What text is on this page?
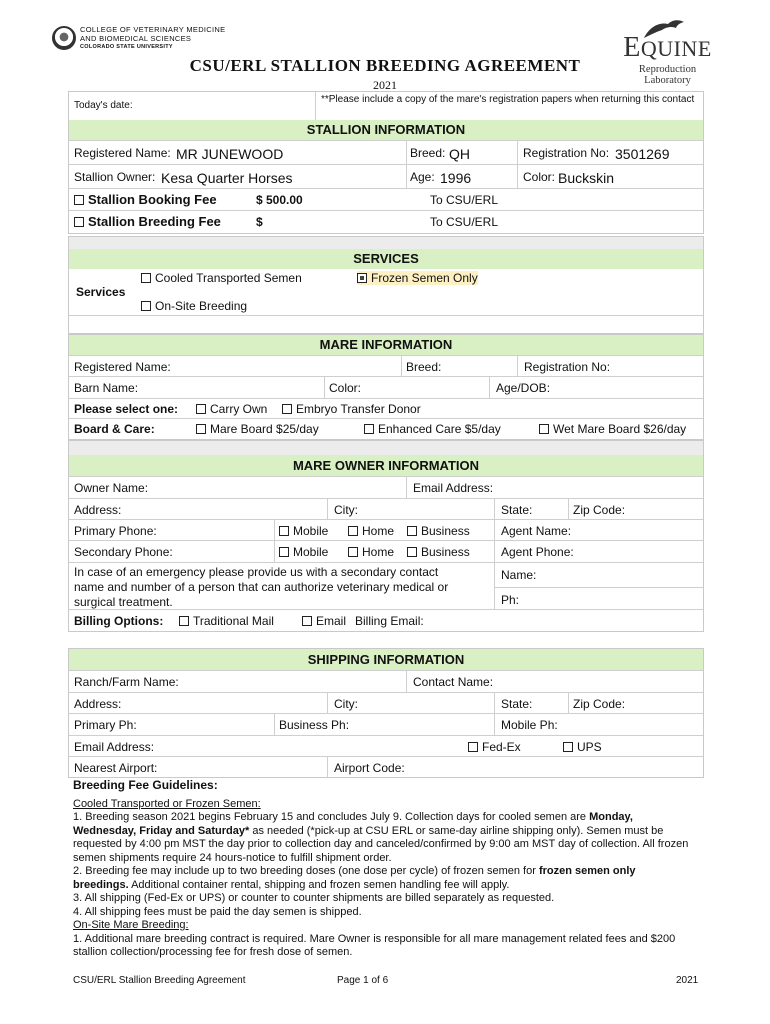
COLLEGE OF VETERINARY MEDICINE
AND BIOMEDICAL SCIENCES
COLORADO STATE UNIVERSITY	EQUINE
Reproduction
Laboratory
CSU/ERL STALLION BREEDING AGREEMENT
2021
Today's date:
**Please include a copy of the mare's registration papers when returning this contact
STALLION INFORMATION
Registered Name: MR JUNEWOOD	Breed: QH	Registration No: 3501269
Stallion Owner: Kesa Quarter Horses	Age: 1996	Color: Buckskin
Stallion Booking Fee	$ 500.00	To CSU/ERL
Stallion Breeding Fee	$	To CSU/ERL
SERVICES
Cooled Transported Semen	Frozen Semen Only
Services
On-Site Breeding
MARE INFORMATION
Registered Name:	Breed:	Registration No:
Barn Name:	Color:	Age/DOB:
Please select one:	Carry Own	Embryo Transfer Donor
Board & Care:	Mare Board $25/day	Enhanced Care $5/day	Wet Mare Board $26/day
MARE OWNER INFORMATION
Owner Name:	Email Address:
Address:	City:	State:	Zip Code:
Primary Phone:	Mobile	Home	Business	Agent Name:
Secondary Phone:	Mobile	Home	Business	Agent Phone:
In case of an emergency please provide us with a secondary contact
name and number of a person that can authorize veterinary medical or
surgical treatment.
Name:
Ph:
Billing Options:	Traditional Mail	Email Billing Email:
SHIPPING INFORMATION
Ranch/Farm Name:	Contact Name:
Address:	City:	State:	Zip Code:
Primary Ph:	Business Ph:	Mobile Ph:
Email Address:	Fed-Ex	UPS
Nearest Airport:	Airport Code:
Breeding Fee Guidelines:
Cooled Transported or Frozen Semen:
1. Breeding season 2021 begins February 15 and concludes July 9. Collection days for cooled semen are Monday, Wednesday, Friday and Saturday* as needed (*pick-up at CSU ERL or same-day airline shipping only). Semen must be requested by 4:00 pm MST the day prior to collection day and canceled/confirmed by 9:00 am MST day of collection. All frozen semen shipments require 24 hours-notice to fulfill shipment order.
2. Breeding fee may include up to two breeding doses (one dose per cycle) of frozen semen for frozen semen only breedings. Additional container rental, shipping and frozen semen handling fee will apply.
3. All shipping (Fed-Ex or UPS) or counter to counter shipments are billed separately as requested.
4. All shipping fees must be paid the day semen is shipped.
On-Site Mare Breeding:
1. Additional mare breeding contract is required. Mare Owner is responsible for all mare management related fees and $200 stallion collection/processing fee for fresh dose of semen.
CSU/ERL Stallion Breeding Agreement	Page 1 of 6	2021
